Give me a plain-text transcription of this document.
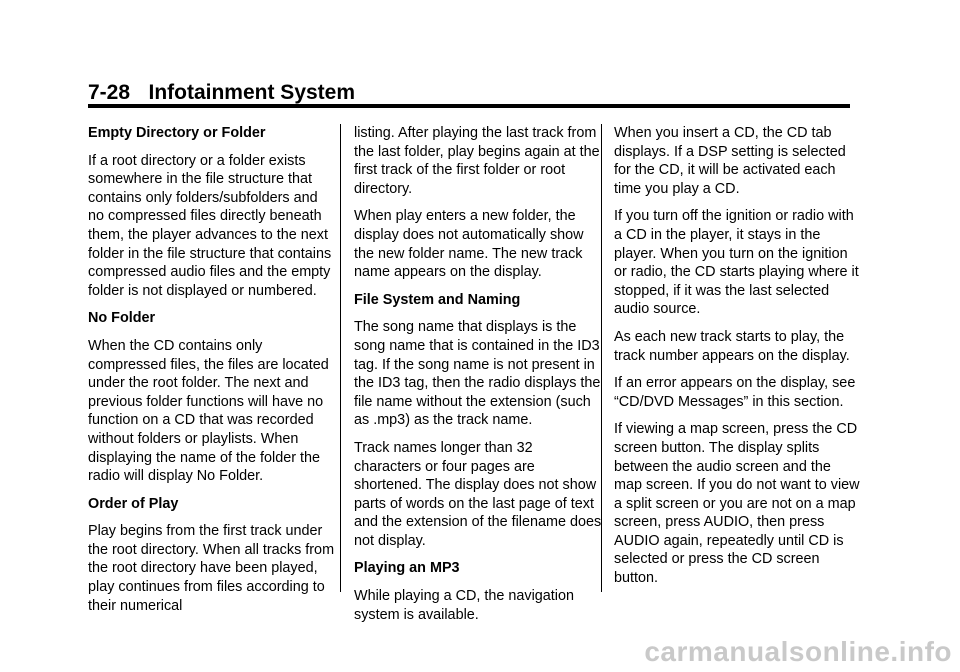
7-28 Infotainment System

Empty Directory or Folder

If a root directory or a folder exists somewhere in the file structure that contains only folders/subfolders and no compressed files directly beneath them, the player advances to the next folder in the file structure that contains compressed audio files and the empty folder is not displayed or numbered.

No Folder

When the CD contains only compressed files, the files are located under the root folder. The next and previous folder functions will have no function on a CD that was recorded without folders or playlists. When displaying the name of the folder the radio will display No Folder.

Order of Play

Play begins from the first track under the root directory. When all tracks from the root directory have been played, play continues from files according to their numerical

listing. After playing the last track from the last folder, play begins again at the first track of the first folder or root directory.

When play enters a new folder, the display does not automatically show the new folder name. The new track name appears on the display.

File System and Naming

The song name that displays is the song name that is contained in the ID3 tag. If the song name is not present in the ID3 tag, then the radio displays the file name without the extension (such as .mp3) as the track name.

Track names longer than 32 characters or four pages are shortened. The display does not show parts of words on the last page of text and the extension of the filename does not display.

Playing an MP3

While playing a CD, the navigation system is available.

When you insert a CD, the CD tab displays. If a DSP setting is selected for the CD, it will be activated each time you play a CD.

If you turn off the ignition or radio with a CD in the player, it stays in the player. When you turn on the ignition or radio, the CD starts playing where it stopped, if it was the last selected audio source.

As each new track starts to play, the track number appears on the display.

If an error appears on the display, see “CD/DVD Messages” in this section.

If viewing a map screen, press the CD screen button. The display splits between the audio screen and the map screen. If you do not want to view a split screen or you are not on a map screen, press AUDIO, then press AUDIO again, repeatedly until CD is selected or press the CD screen button.

carmanualsonline.info
